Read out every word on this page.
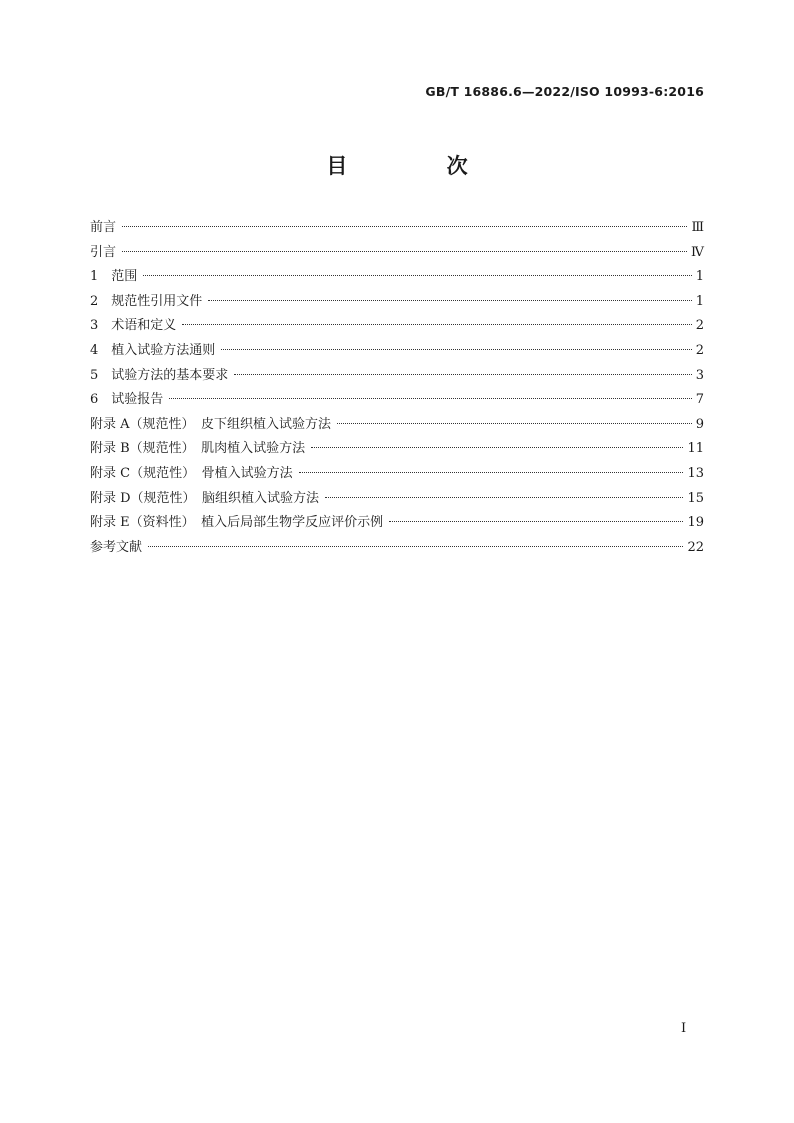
GB/T 16886.6—2022/ISO 10993-6:2016
目 次
前言	Ⅲ
引言	Ⅳ
1　范围	1
2　规范性引用文件	1
3　术语和定义	2
4　植入试验方法通则	2
5　试验方法的基本要求	3
6　试验报告	7
附录 A（规范性）　皮下组织植入试验方法	9
附录 B（规范性）　肌肉植入试验方法	11
附录 C（规范性）　骨植入试验方法	13
附录 D（规范性）　脑组织植入试验方法	15
附录 E（资料性）　植入后局部生物学反应评价示例	19
参考文献	22
Ⅰ
